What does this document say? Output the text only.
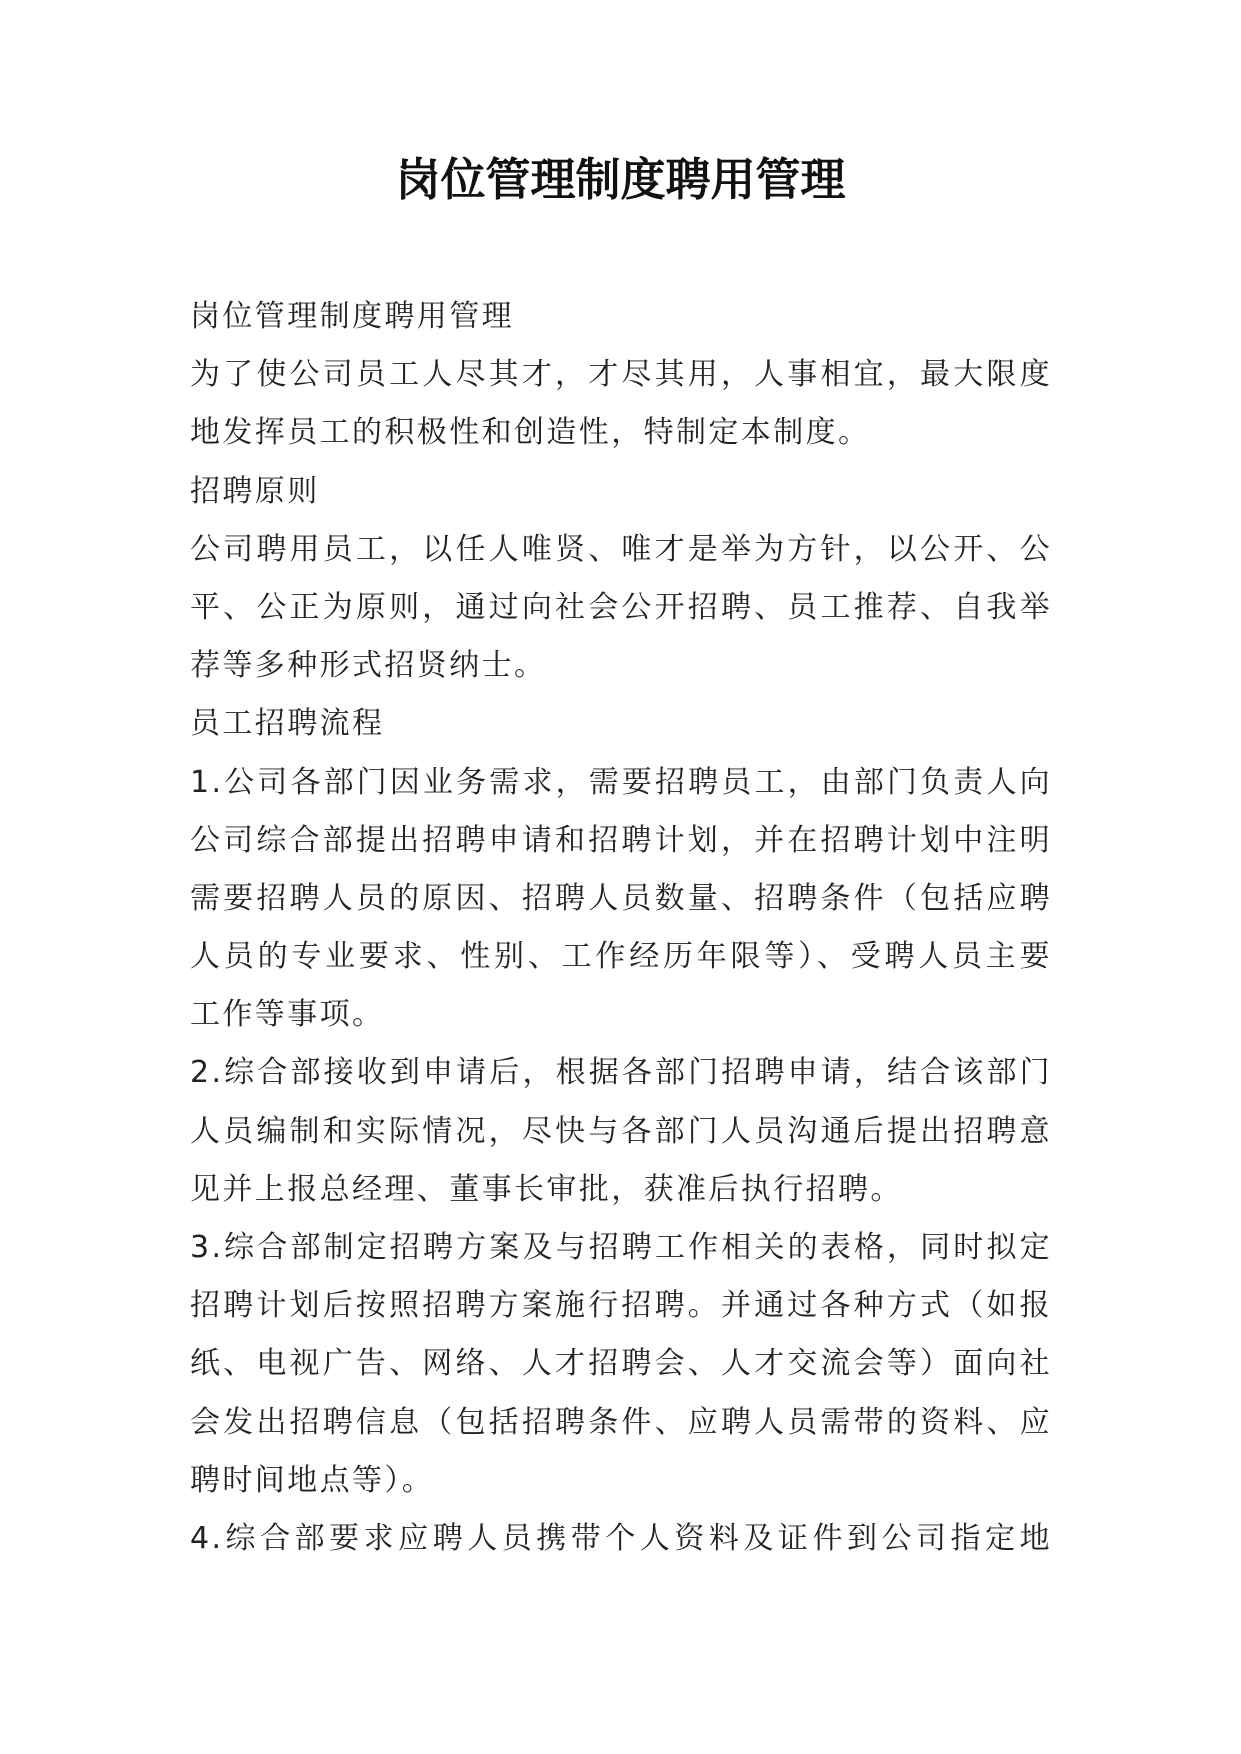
岗位管理制度聘用管理

岗位管理制度聘用管理

为了使公司员工人尽其才，才尽其用，人事相宜，最大限度
地发挥员工的积极性和创造性，特制定本制度。

招聘原则

公司聘用员工，以任人唯贤、唯才是举为方针，以公开、公
平、公正为原则，通过向社会公开招聘、员工推荐、自我举
荐等多种形式招贤纳士。

员工招聘流程

1.公司各部门因业务需求，需要招聘员工，由部门负责人向
公司综合部提出招聘申请和招聘计划，并在招聘计划中注明
需要招聘人员的原因、招聘人员数量、招聘条件（包括应聘
人员的专业要求、性别、工作经历年限等）、受聘人员主要
工作等事项。

2.综合部接收到申请后，根据各部门招聘申请，结合该部门
人员编制和实际情况，尽快与各部门人员沟通后提出招聘意
见并上报总经理、董事长审批，获准后执行招聘。

3.综合部制定招聘方案及与招聘工作相关的表格，同时拟定
招聘计划后按照招聘方案施行招聘。并通过各种方式（如报
纸、电视广告、网络、人才招聘会、人才交流会等）面向社
会发出招聘信息（包括招聘条件、应聘人员需带的资料、应
聘时间地点等）。

4.综合部要求应聘人员携带个人资料及证件到公司指定地
